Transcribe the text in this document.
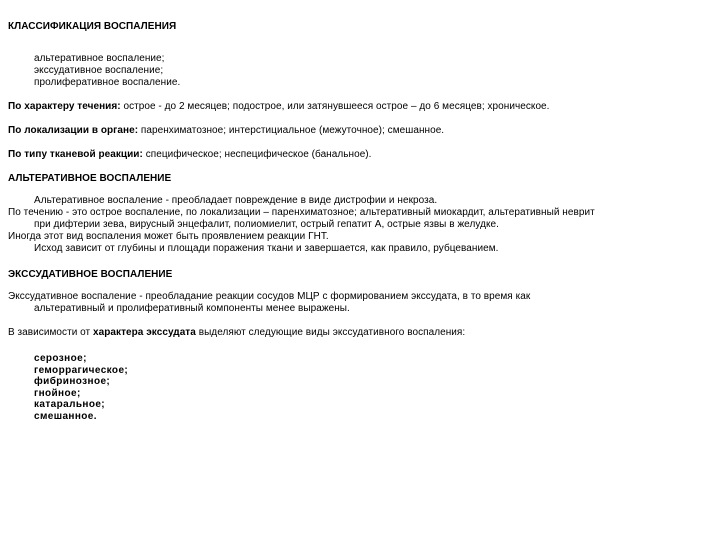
КЛАССИФИКАЦИЯ ВОСПАЛЕНИЯ
альтеративное воспаление;
экссудативное воспаление;
пролиферативное воспаление.
По характеру течения: острое - до 2 месяцев; подострое, или затянувшееся острое – до 6 месяцев; хроническое.
По локализации в органе: паренхиматозное; интерстициальное (межуточное); смешанное.
По типу тканевой реакции: специфическое; неспецифическое (банальное).
АЛЬТЕРАТИВНОЕ ВОСПАЛЕНИЕ
Альтеративное воспаление - преобладает повреждение в виде дистрофии и некроза.
По течению - это острое воспаление, по локализации – паренхиматозное; альтеративный миокардит, альтеративный неврит
при дифтерии зева, вирусный энцефалит, полиомиелит, острый гепатит А, острые язвы в желудке.
Иногда этот вид воспаления может быть проявлением реакции ГНТ.
Исход зависит от глубины и площади поражения ткани и завершается, как правило, рубцеванием.
ЭКССУДАТИВНОЕ ВОСПАЛЕНИЕ
Экссудативное воспаление - преобладание реакции сосудов МЦР с формированием экссудата, в то время как
альтеративный и пролиферативный компоненты менее выражены.
В зависимости от характера экссудата выделяют следующие виды экссудативного воспаления:
серозное;
геморрагическое;
фибринозное;
гнойное;
катаральное;
смешанное.
